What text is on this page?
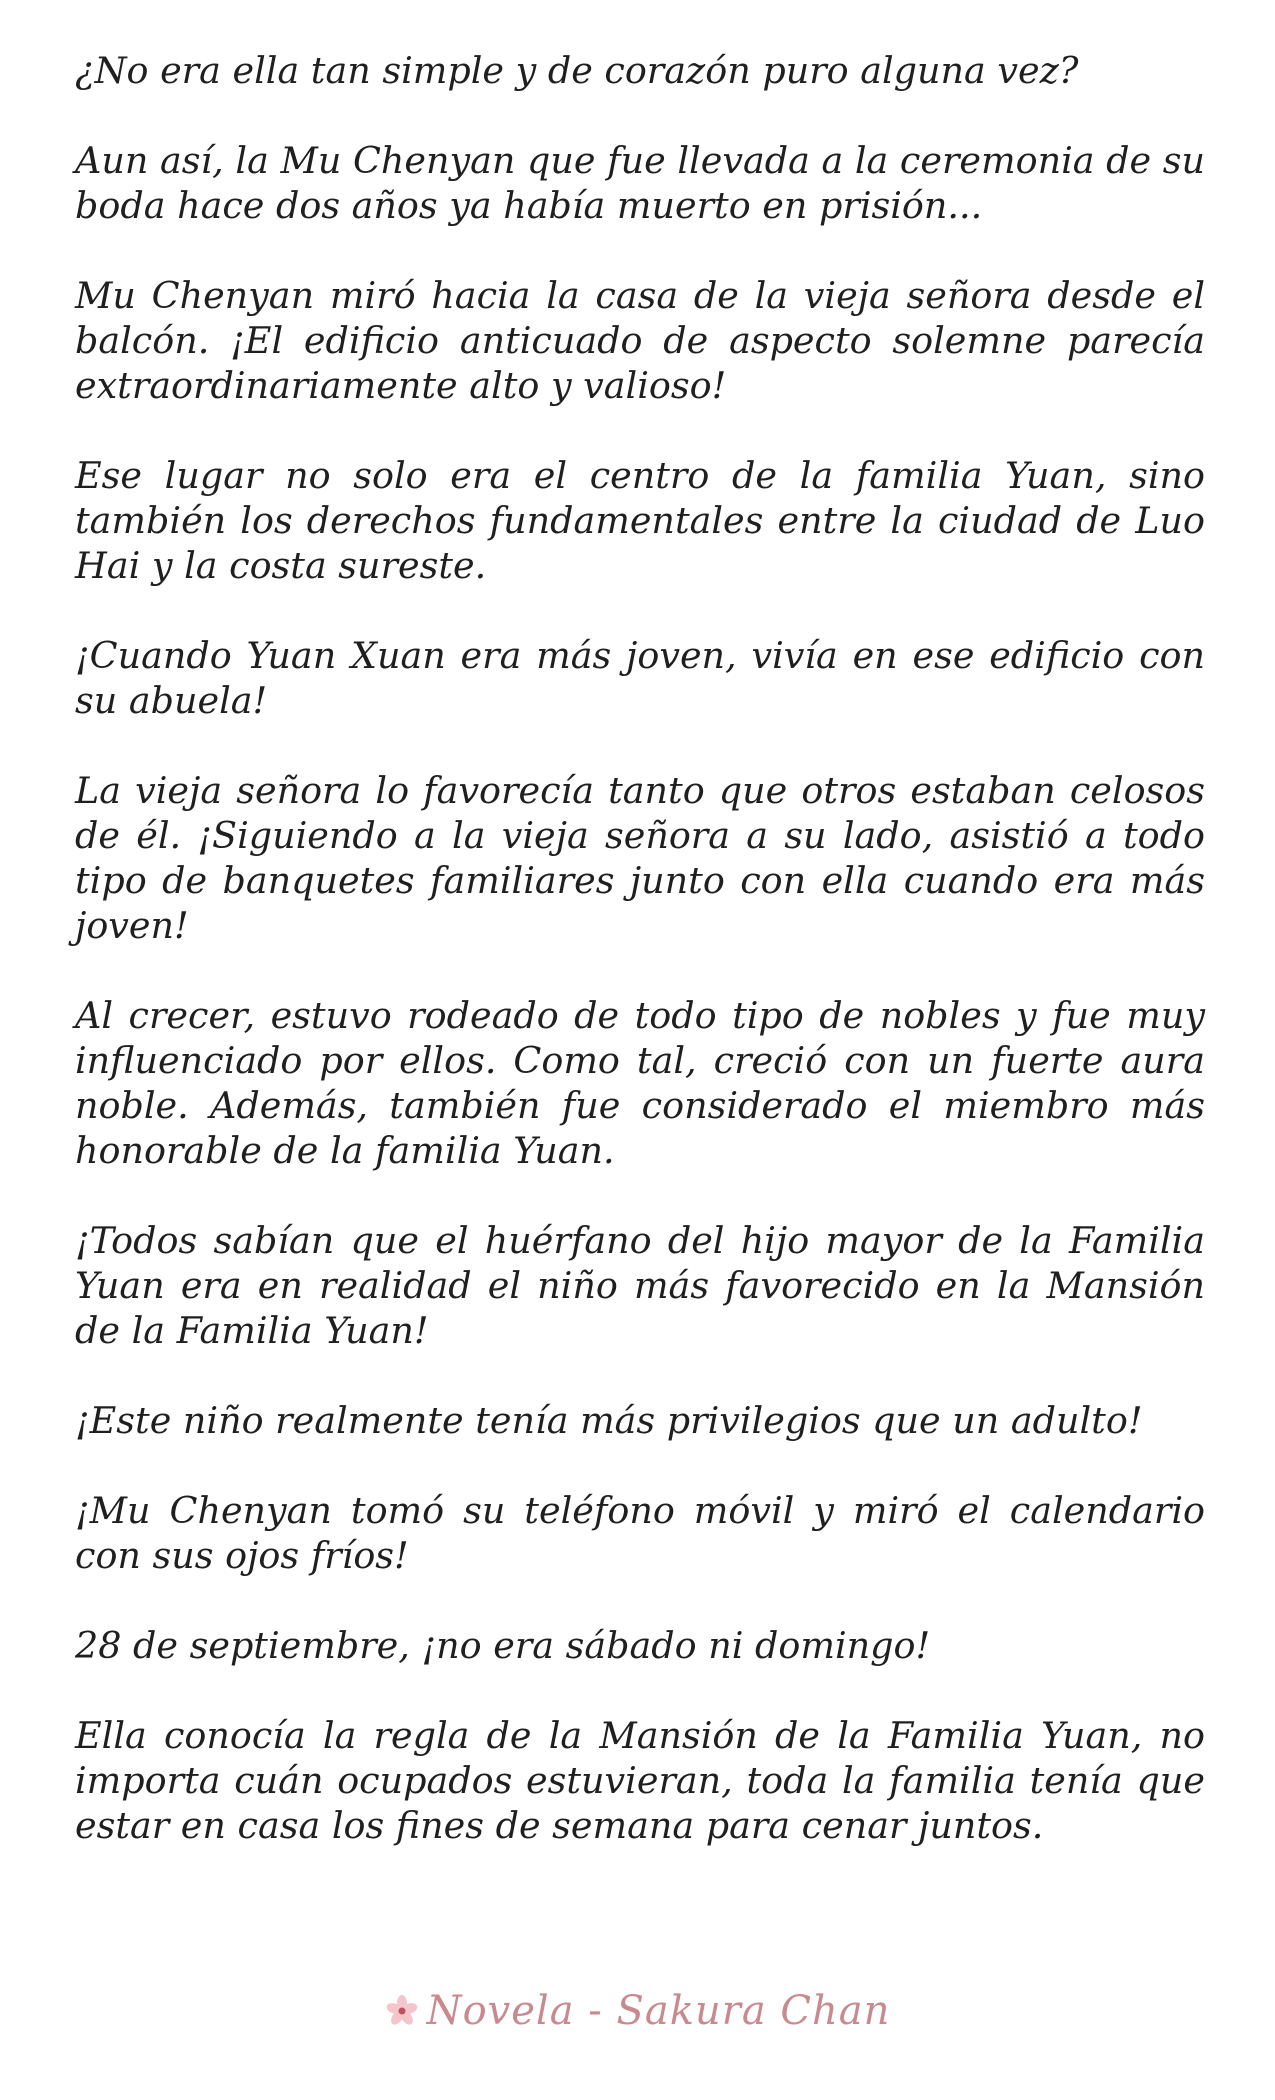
¿No era ella tan simple y de corazón puro alguna vez?

Aun así, la Mu Chenyan que fue llevada a la ceremonia de su boda hace dos años ya había muerto en prisión...

Mu Chenyan miró hacia la casa de la vieja señora desde el balcón. ¡El edificio anticuado de aspecto solemne parecía extraordinariamente alto y valioso!

Ese lugar no solo era el centro de la familia Yuan, sino también los derechos fundamentales entre la ciudad de Luo Hai y la costa sureste.

¡Cuando Yuan Xuan era más joven, vivía en ese edificio con su abuela!

La vieja señora lo favorecía tanto que otros estaban celosos de él. ¡Siguiendo a la vieja señora a su lado, asistió a todo tipo de banquetes familiares junto con ella cuando era más joven!

Al crecer, estuvo rodeado de todo tipo de nobles y fue muy influenciado por ellos. Como tal, creció con un fuerte aura noble. Además, también fue considerado el miembro más honorable de la familia Yuan.

¡Todos sabían que el huérfano del hijo mayor de la Familia Yuan era en realidad el niño más favorecido en la Mansión de la Familia Yuan!

¡Este niño realmente tenía más privilegios que un adulto!

¡Mu Chenyan tomó su teléfono móvil y miró el calendario con sus ojos fríos!

28 de septiembre, ¡no era sábado ni domingo!

Ella conocía la regla de la Mansión de la Familia Yuan, no importa cuán ocupados estuvieran, toda la familia tenía que estar en casa los fines de semana para cenar juntos.

Novela - Sakura Chan
